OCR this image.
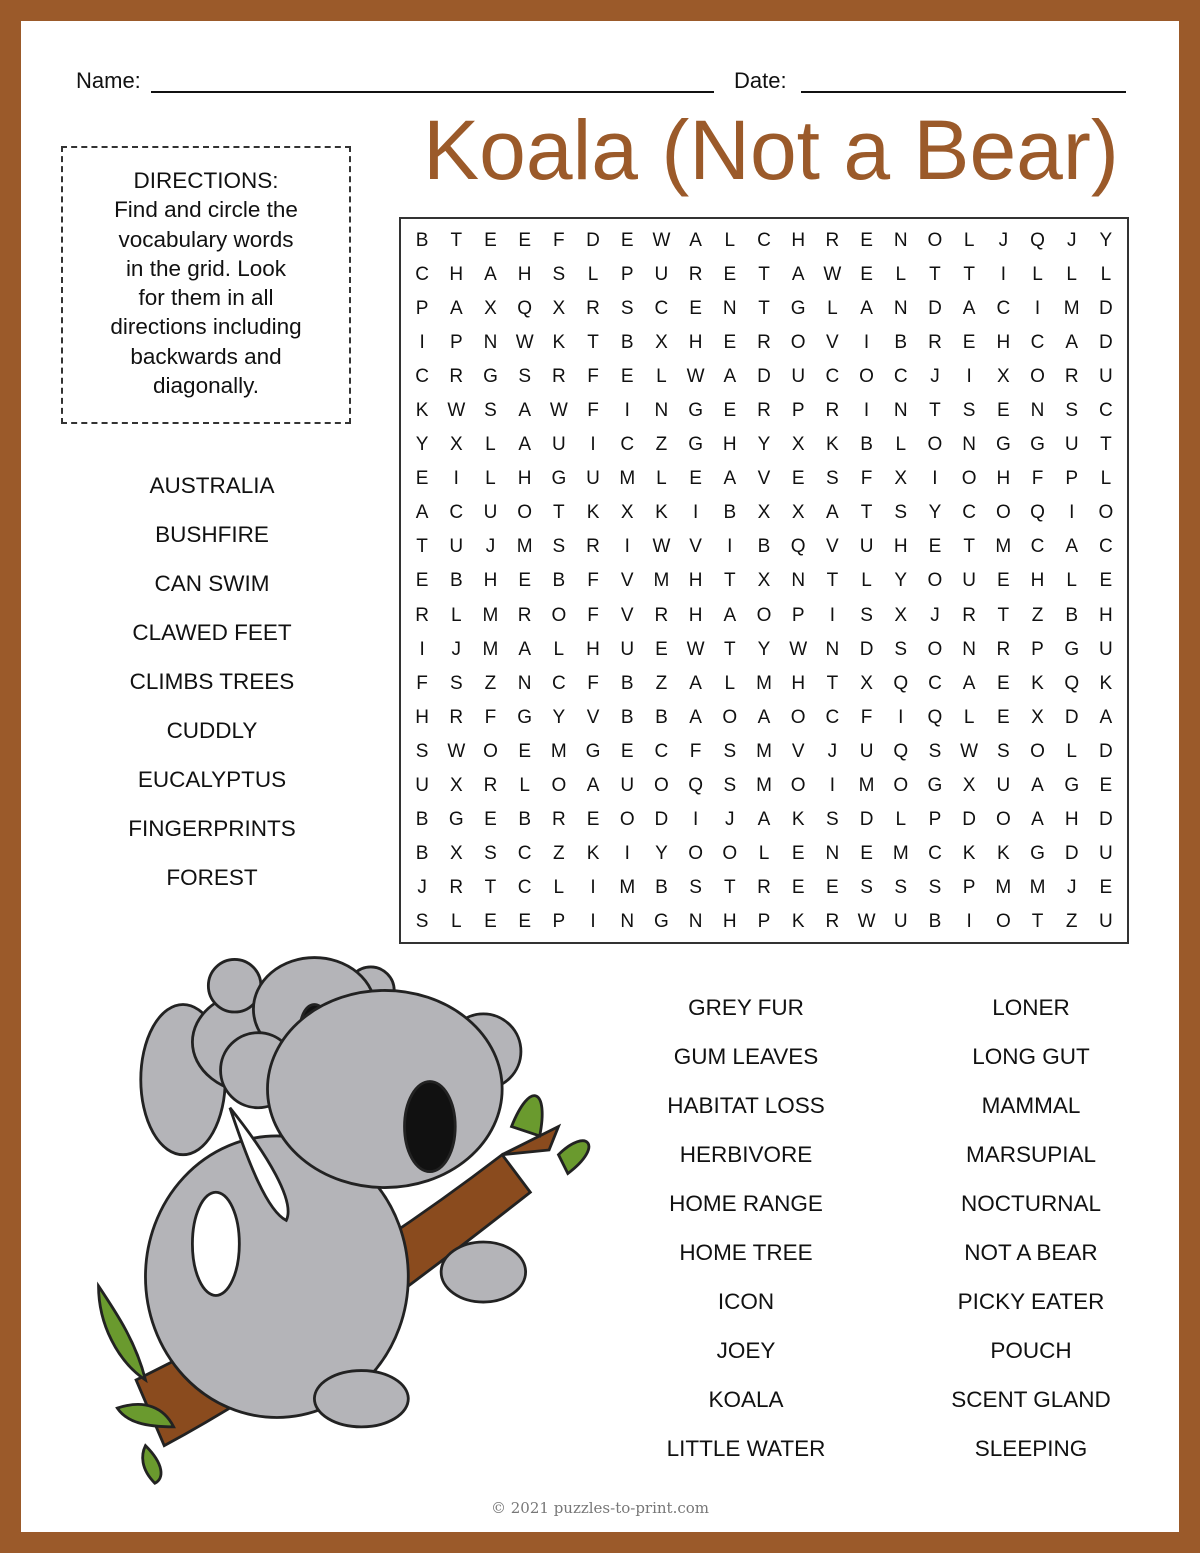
Name:	Date:
Koala (Not a Bear)
DIRECTIONS:
Find and circle the
vocabulary words
in the grid. Look
for them in all
directions including
backwards and
diagonally.
AUSTRALIA
BUSHFIRE
CAN SWIM
CLAWED FEET
CLIMBS TREES
CUDDLY
EUCALYPTUS
FINGERPRINTS
FOREST
B	T	E	E	F	D	E W A	L	C	H	R	E	N	O	L	J	Q	J	Y
C	H	A	H	S	L	P	U	R	E	T	A W E	L	T	T	I	L	L	L
P	A	X	Q	X	R	S	C	E	N	T	G	L	A	N	D	A	C	I	M	D
I	P	N W K	T	B	X	H	E	R	O	V	I	B	R	E	H	C	A	D
C	R	G	S	R	F	E	L	W A	D	U	C	O	C	J	I	X	O	R	U
K W S	A W	F	I	N	G	E	R	P	R	I	N	T	S	E	N	S	C
Y	X	L	A	U	I	C	Z	G	H	Y	X	K	B	L	O	N	G	G	U	T
E	I	L	H	G	U	M	L	E	A	V	E	S	F	X	I	O	H	F	P	L
A	C	U	O	T	K	X	K	I	B	X	X	A	T	S	Y	C	O	Q	I	O
T	U	J	M	S	R	I	W V	I	B	Q	V	U	H	E	T	M	C	A	C
E	B	H	E	B	F	V	M	H	T	X	N	T	L	Y	O	U	E	H	L	E
R	L	M	R	O	F	V	R	H	A	O	P	I	S	X	J	R	T	Z	B	H
I	J	M	A	L	H	U	E W	T	Y W N	D	S	O	N	R	P	G	U
F	S	Z	N	C	F	B	Z	A	L	M	H	T	X	Q	C	A	E	K	Q	K
H	R	F	G	Y	V	B	B	A	O	A	O	C	F	I	Q	L	E	X	D	A
S W O	E	M G	E	C	F	S	M	V	J	U	Q	S W S	O	L	D
U	X	R	L	O	A	U	O	Q	S	M O	I	M O	G	X	U	A	G	E
B	G	E	B	R	E	O	D	I	J	A	K	S	D	L	P	D	O	A	H	D
B	X	S	C	Z	K	I	Y	O	O	L	E	N	E	M	C	K	K	G	D	U
J	R	T	C	L	I	M	B	S	T	R	E	E	S	S	S	P	M M	J	E
S	L	E	E	P	I	N	G	N	H	P	K	R W U	B	I	O	T	Z	U
GREY FUR
GUM LEAVES
HABITAT LOSS
HERBIVORE
HOME RANGE
HOME TREE
ICON
JOEY
KOALA
LITTLE WATER
LONER
LONG GUT
MAMMAL
MARSUPIAL
NOCTURNAL
NOT A BEAR
PICKY EATER
POUCH
SCENT GLAND
SLEEPING
© 2021 puzzles-to-print.com
